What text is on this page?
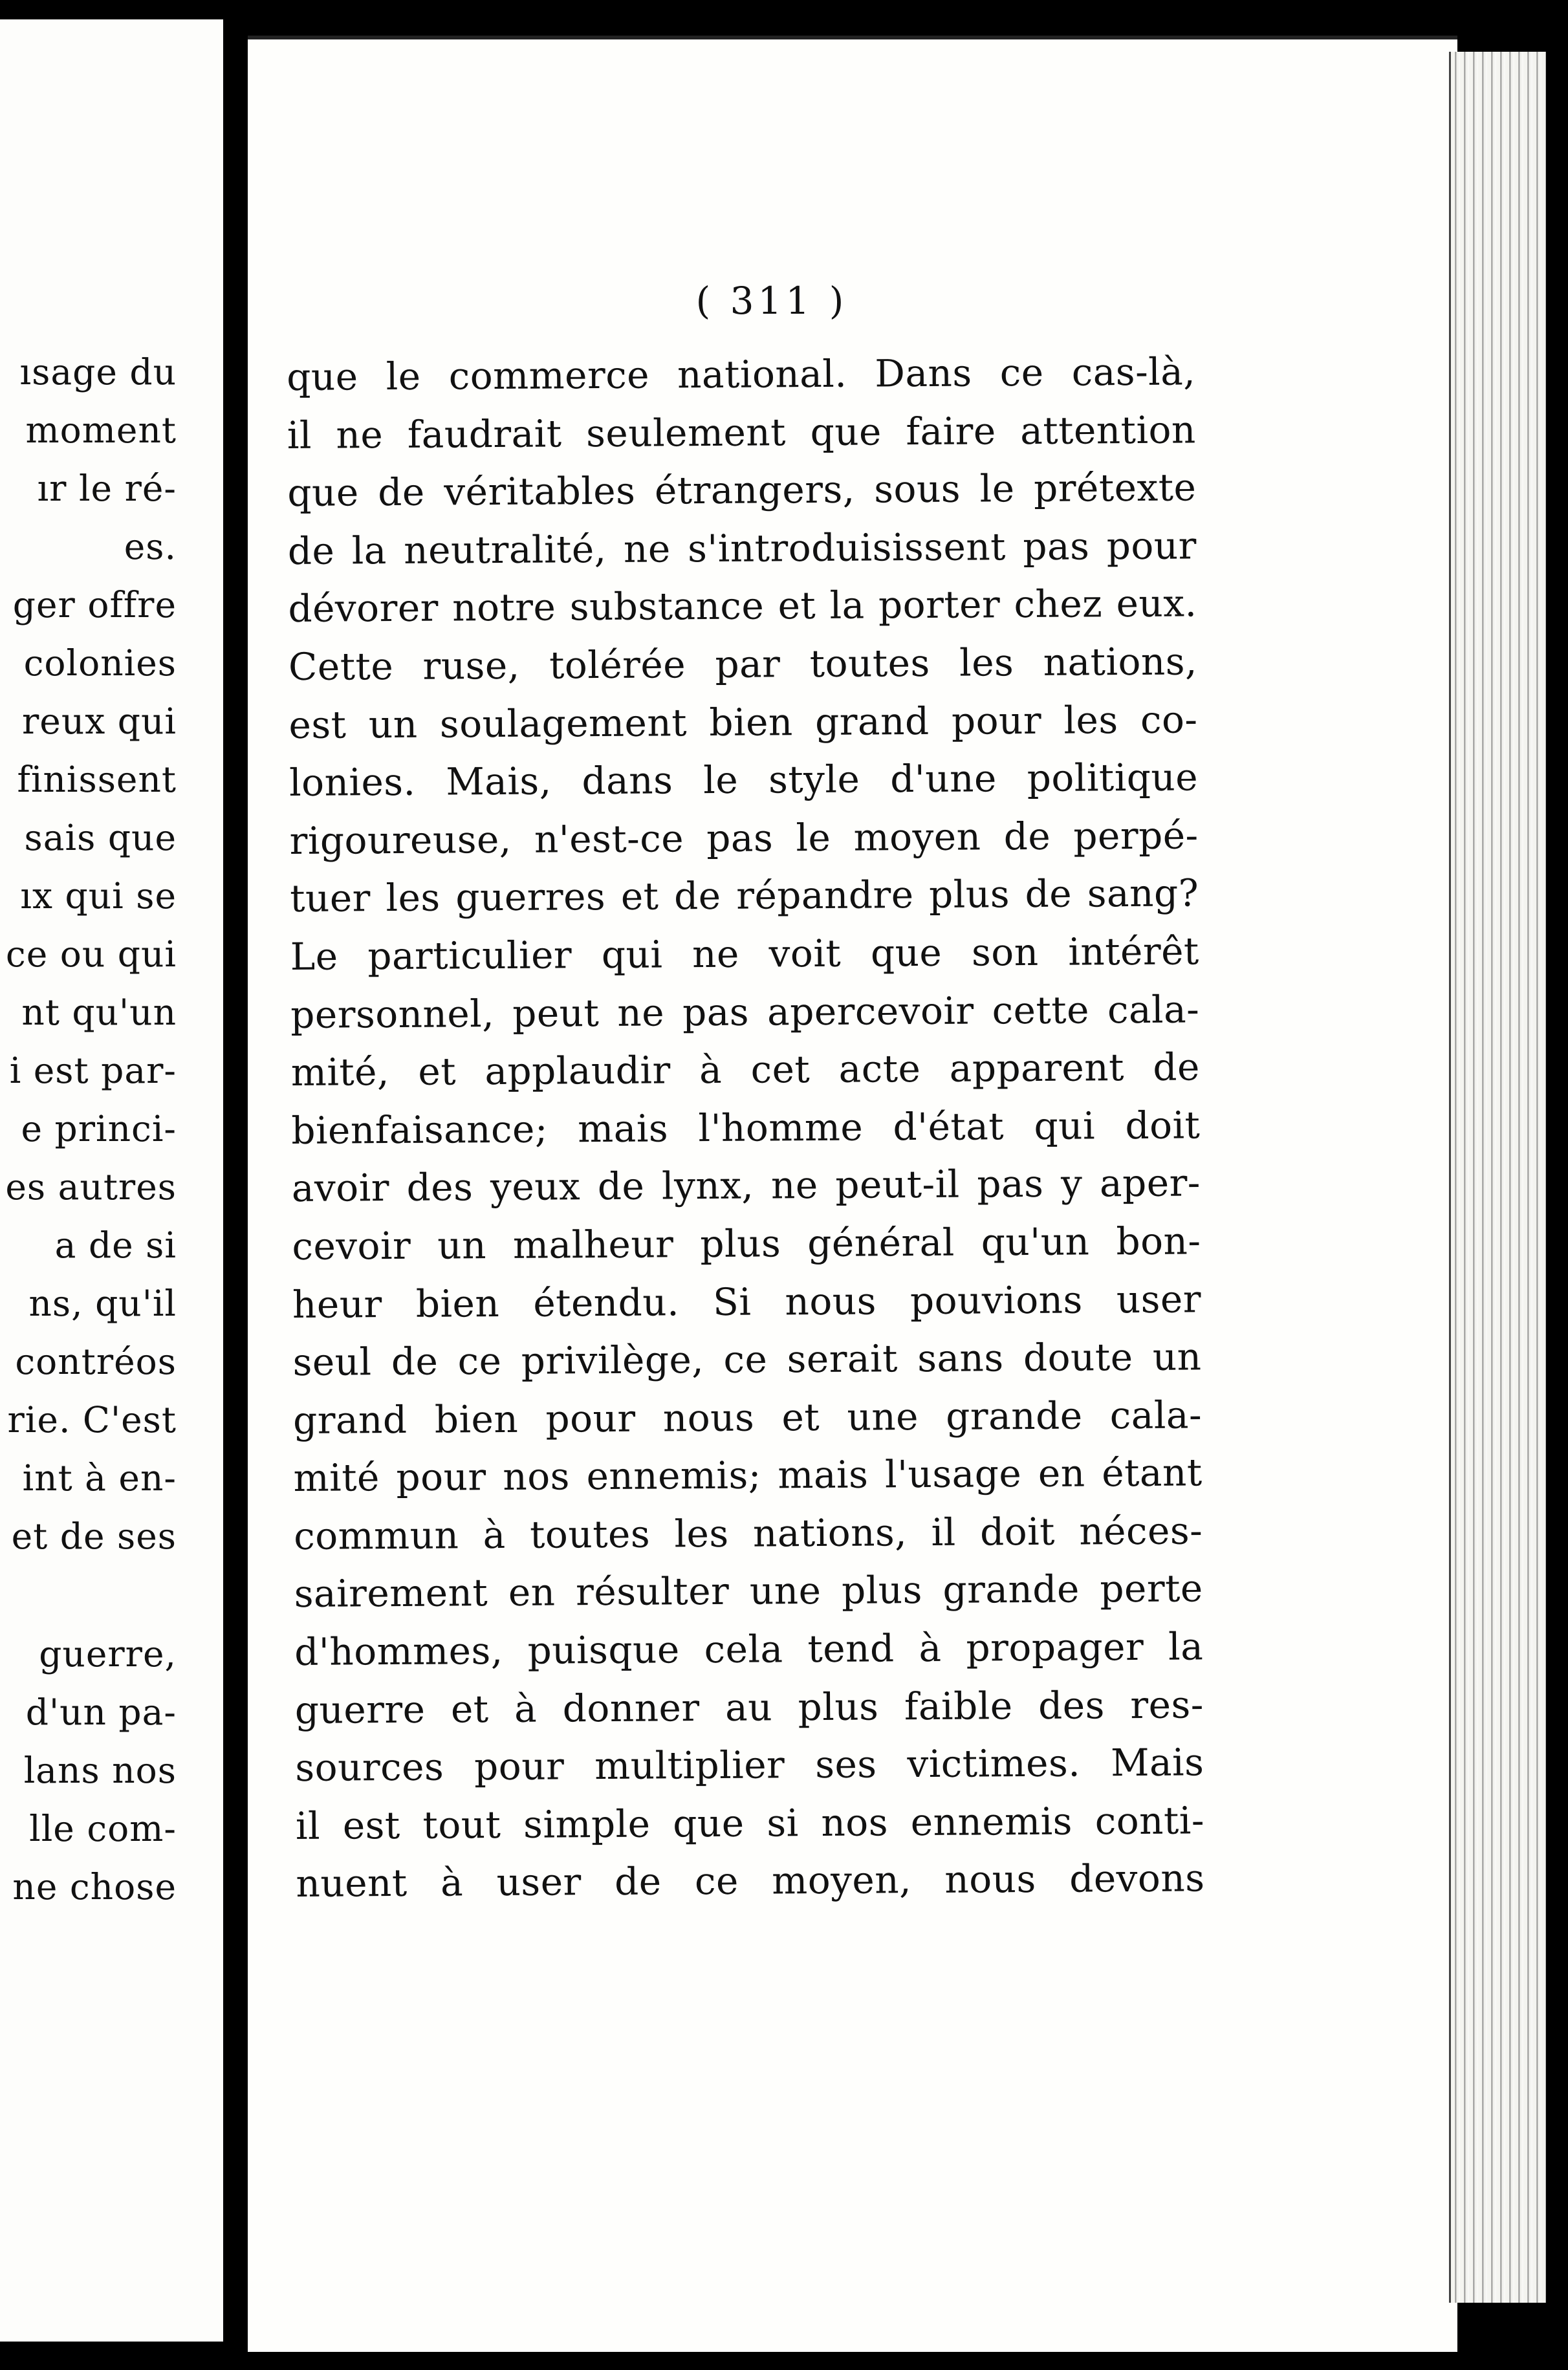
ısage du
moment
ır le ré-
es.
ger offre
colonies
reux qui
finissent
sais que
ıx qui se
ce ou qui
nt qu'un
i est par-
e princi-
es autres
a de si
ns, qu'il
contréos
rie. C'est
int à en-
et de ses
guerre,
d'un pa-
lans nos
lle com-
ne chose
( 311 )
que le commerce national. Dans ce cas-là,
il ne faudrait seulement que faire attention
que de véritables étrangers, sous le prétexte
de la neutralité, ne s'introduisissent pas pour
dévorer notre substance et la porter chez eux.
Cette ruse, tolérée par toutes les nations,
est un soulagement bien grand pour les co-
lonies. Mais, dans le style d'une politique
rigoureuse, n'est-ce pas le moyen de perpé-
tuer les guerres et de répandre plus de sang?
Le particulier qui ne voit que son intérêt
personnel, peut ne pas apercevoir cette cala-
mité, et applaudir à cet acte apparent de
bienfaisance; mais l'homme d'état qui doit
avoir des yeux de lynx, ne peut-il pas y aper-
cevoir un malheur plus général qu'un bon-
heur bien étendu. Si nous pouvions user
seul de ce privilège, ce serait sans doute un
grand bien pour nous et une grande cala-
mité pour nos ennemis; mais l'usage en étant
commun à toutes les nations, il doit néces-
sairement en résulter une plus grande perte
d'hommes, puisque cela tend à propager la
guerre et à donner au plus faible des res-
sources pour multiplier ses victimes. Mais
il est tout simple que si nos ennemis conti-
nuent à user de ce moyen, nous devons
